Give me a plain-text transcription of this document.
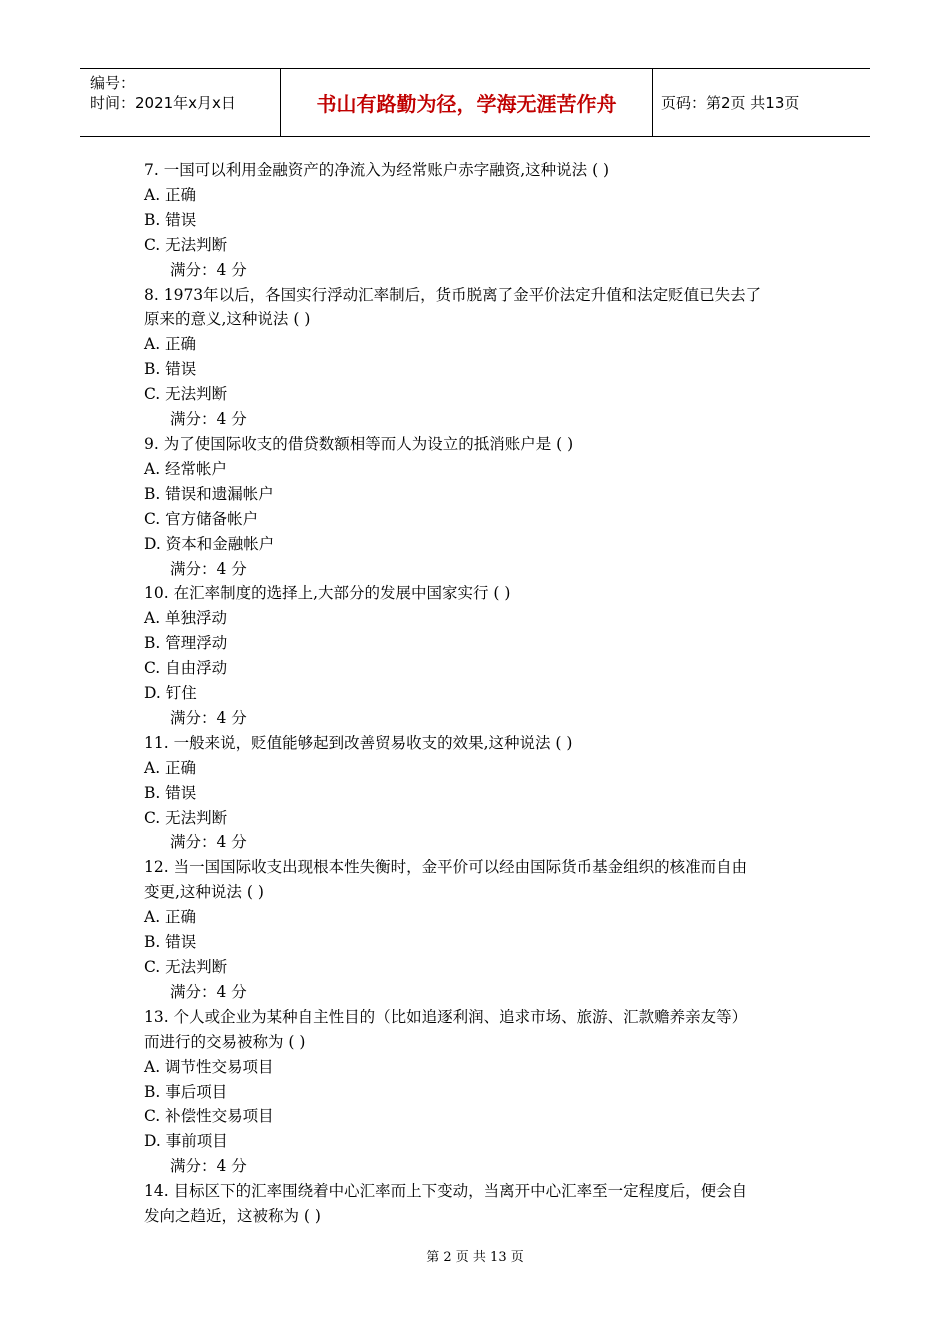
编号：
时间：2021年x月x日	书山有路勤为径，学海无涯苦作舟	页码：第2页 共13页
7. 一国可以利用金融资产的净流入为经常账户赤字融资,这种说法 ( )
A. 正确
B. 错误
C. 无法判断
满分：4 分
8. 1973年以后，各国实行浮动汇率制后，货币脱离了金平价法定升值和法定贬值已失去了
原来的意义,这种说法 ( )
A. 正确
B. 错误
C. 无法判断
满分：4 分
9. 为了使国际收支的借贷数额相等而人为设立的抵消账户是 ( )
A. 经常帐户
B. 错误和遗漏帐户
C. 官方储备帐户
D. 资本和金融帐户
满分：4 分
10. 在汇率制度的选择上,大部分的发展中国家实行 ( )
A. 单独浮动
B. 管理浮动
C. 自由浮动
D. 钉住
满分：4 分
11. 一般来说，贬值能够起到改善贸易收支的效果,这种说法 ( )
A. 正确
B. 错误
C. 无法判断
满分：4 分
12. 当一国国际收支出现根本性失衡时，金平价可以经由国际货币基金组织的核准而自由
变更,这种说法 ( )
A. 正确
B. 错误
C. 无法判断
满分：4 分
13. 个人或企业为某种自主性目的（比如追逐利润、追求市场、旅游、汇款赡养亲友等）
而进行的交易被称为 ( )
A. 调节性交易项目
B. 事后项目
C. 补偿性交易项目
D. 事前项目
满分：4 分
14. 目标区下的汇率围绕着中心汇率而上下变动，当离开中心汇率至一定程度后，便会自
发向之趋近，这被称为 ( )
第 2 页 共 13 页
